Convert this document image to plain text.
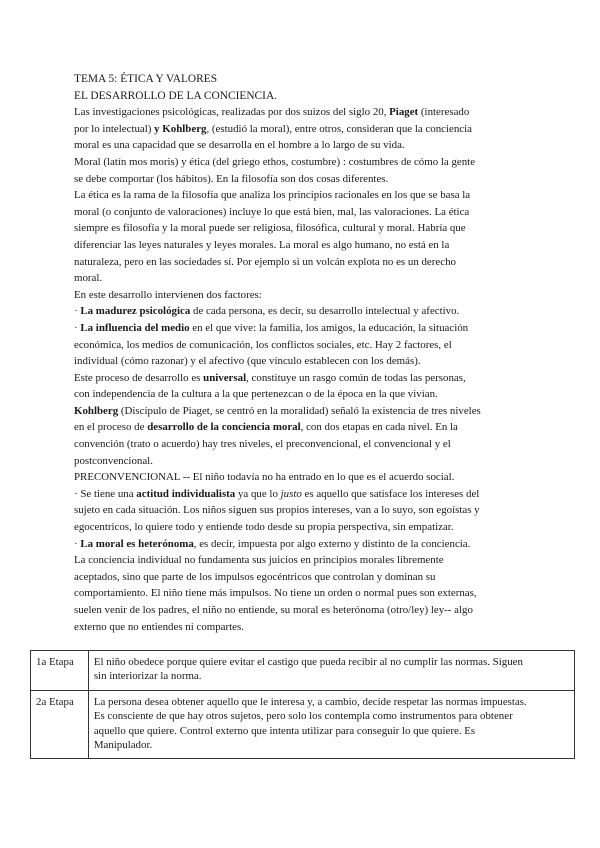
TEMA 5: ÉTICA Y VALORES
EL DESARROLLO DE LA CONCIENCIA.
Las investigaciones psicológicas, realizadas por dos suizos del siglo 20, Piaget (interesado
por lo intelectual) y Kohlberg, (estudió la moral), entre otros, consideran que la conciencia
moral es una capacidad que se desarrolla en el hombre a lo largo de su vida.
Moral (latín mos moris) y ética (del griego ethos, costumbre) : costumbres de cómo la gente
se debe comportar (los hábitos). En la filosofía son dos cosas diferentes.
La ética es la rama de la filosofía que analiza los principios racionales en los que se basa la
moral (o conjunto de valoraciones) incluye lo que está bien, mal, las valoraciones. La ética
siempre es filosofía y la moral puede ser religiosa, filosófica, cultural y moral. Habría que
diferenciar las leyes naturales y leyes morales. La moral es algo humano, no está en la
naturaleza, pero en las sociedades sí. Por ejemplo si un volcán explota no es un derecho
moral.
En este desarrollo intervienen dos factores:
· La madurez psicológica de cada persona, es decir, su desarrollo intelectual y afectivo.
· La influencia del medio en el que vive: la familia, los amigos, la educación, la situación
económica, los medios de comunicación, los conflictos sociales, etc. Hay 2 factores, el
individual (cómo razonar) y el afectivo (que vínculo establecen con los demás).
Este proceso de desarrollo es universal, constituye un rasgo común de todas las personas,
con independencia de la cultura a la que pertenezcan o de la época en la que vivían.
Kohlberg (Discípulo de Piaget, se centró en la moralidad) señaló la existencia de tres niveles
en el proceso de desarrollo de la conciencia moral, con dos etapas en cada nivel. En la
convención (trato o acuerdo) hay tres niveles, el preconvencional, el convencional y el
postconvencional.
PRECONVENCIONAL -- El niño todavía no ha entrado en lo que es el acuerdo social.
· Se tiene una actitud individualista ya que lo justo es aquello que satisface los intereses del
sujeto en cada situación. Los niños siguen sus propios intereses, van a lo suyo, son egoístas y
egocentricos, lo quiere todo y entiende todo desde su propia perspectiva, sin empatizar.
· La moral es heterónoma, es decir, impuesta por algo externo y distinto de la conciencia.
La conciencia individual no fundamenta sus juicios en principios morales libremente
aceptados, sino que parte de los impulsos egocéntricos que controlan y dominan su
comportamiento. El niño tiene más impulsos. No tiene un orden o normal pues son externas,
suelen venir de los padres, el niño no entiende, su moral es heterónoma (otro/ley) ley-- algo
externo que no entiendes ni compartes.
1a Etapa	El niño obedece porque quiere evitar el castigo que pueda recibir al no cumplir las normas. Siguen
sin interiorizar la norma.

2a Etapa	La persona desea obtener aquello que le interesa y, a cambio, decide respetar las normas impuestas.
Es consciente de que hay otros sujetos, pero solo los contempla como instrumentos para obtener
aquello que quiere. Control externo que intenta utilizar para conseguir lo que quiere. Es
Manipulador.
